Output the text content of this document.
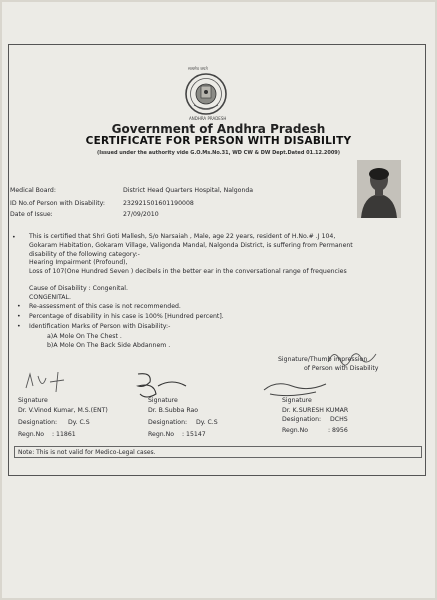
सत्यमेव जयते
ANDHRA PRADESH
Government of Andhra Pradesh
CERTIFICATE FOR PERSON WITH DISABILITY
(Issued under the authority vide G.O.Ms.No.31, WD CW & DW Dept.Dated 01.12.2009)
Medical Board:	District Head Quarters Hospital, Nalgonda
ID No.of Person with Disability:	232921501601190008
Date of Issue:	27/09/2010
• This is certified that Shri Goti Mallesh, S/o Narsaiah , Male, age 22 years, resident of H.No.# .J 104,
Gokaram Habitation, Gokaram Village, Valigonda Mandal, Nalgonda District, is suffering from Permanent
disability of the following category:-
Hearing Impairment (Profound),
Loss of 107(One Hundred Seven ) decibels in the better ear in the conversational range of frequencies
Cause of Disability : Congenital.
CONGENITAL.
• Re-assessment of this case is not recommended.
• Percentage of disability in his case is 100% [Hundred percent].
• Identification Marks of Person with Disability:-
a)A Mole On The Chest .
b)A Mole On The Back Side Abdannem .
Signature/Thumb impression
of Person with Disability
Signature
Dr. V.Vinod Kumar, M.S.(ENT)
Designation: Dy. C.S
Regn.No : 11861
Signature
Dr. B.Subba Rao
Designation: Dy. C.S
Regn.No : 15147
Signature
Dr. K.SURESH KUMAR
Designation: DCHS
Regn.No	: 8956
Note: This is not valid for Medico-Legal cases.
